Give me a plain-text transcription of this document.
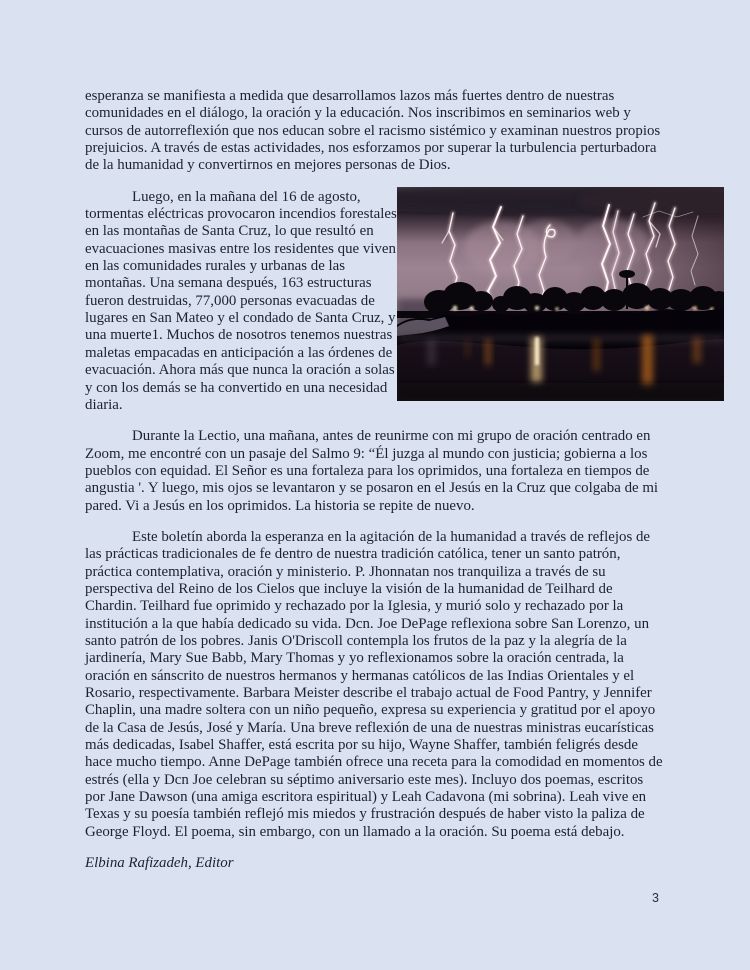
esperanza se manifiesta a medida que desarrollamos lazos más fuertes dentro de nuestras comunidades en el diálogo, la oración y la educación. Nos inscribimos en seminarios web y cursos de autorreflexión que nos educan sobre el racismo sistémico y examinan nuestros propios prejuicios. A través de estas actividades, nos esforzamos por superar la turbulencia perturbadora de la humanidad y convertirnos en mejores personas de Dios.

Luego, en la mañana del 16 de agosto, tormentas eléctricas provocaron incendios forestales en las montañas de Santa Cruz, lo que resultó en evacuaciones masivas entre los residentes que viven en las comunidades rurales y urbanas de las montañas. Una semana después, 163 estructuras fueron destruidas, 77,000 personas evacuadas de lugares en San Mateo y el condado de Santa Cruz, y una muerte1. Muchos de nosotros tenemos nuestras maletas empacadas en anticipación a las órdenes de evacuación. Ahora más que nunca la oración a solas y con los demás se ha convertido en una necesidad diaria.

Durante la Lectio, una mañana, antes de reunirme con mi grupo de oración centrado en Zoom, me encontré con un pasaje del Salmo 9: “Él juzga al mundo con justicia; gobierna a los pueblos con equidad. El Señor es una fortaleza para los oprimidos, una fortaleza en tiempos de angustia '. Y luego, mis ojos se levantaron y se posaron en el Jesús en la Cruz que colgaba de mi pared. Vi a Jesús en los oprimidos. La historia se repite de nuevo.

Este boletín aborda la esperanza en la agitación de la humanidad a través de reflejos de las prácticas tradicionales de fe dentro de nuestra tradición católica, tener un santo patrón, práctica contemplativa, oración y ministerio. P. Jhonnatan nos tranquiliza a través de su perspectiva del Reino de los Cielos que incluye la visión de la humanidad de Teilhard de Chardin. Teilhard fue oprimido y rechazado por la Iglesia, y murió solo y rechazado por la institución a la que había dedicado su vida. Dcn. Joe DePage reflexiona sobre San Lorenzo, un santo patrón de los pobres. Janis O'Driscoll contempla los frutos de la paz y la alegría de la jardinería, Mary Sue Babb, Mary Thomas y yo reflexionamos sobre la oración centrada, la oración en sánscrito de nuestros hermanos y hermanas católicos de las Indias Orientales y el Rosario, respectivamente. Barbara Meister describe el trabajo actual de Food Pantry, y Jennifer Chaplin, una madre soltera con un niño pequeño, expresa su experiencia y gratitud por el apoyo de la Casa de Jesús, José y María. Una breve reflexión de una de nuestras ministras eucarísticas más dedicadas, Isabel Shaffer, está escrita por su hijo, Wayne Shaffer, también feligrés desde hace mucho tiempo. Anne DePage también ofrece una receta para la comodidad en momentos de estrés (ella y Dcn Joe celebran su séptimo aniversario este mes). Incluyo dos poemas, escritos por Jane Dawson (una amiga escritora espiritual) y Leah Cadavona (mi sobrina). Leah vive en Texas y su poesía también reflejó mis miedos y frustración después de haber visto la paliza de George Floyd. El poema, sin embargo, con un llamado a la oración. Su poema está debajo.

Elbina Rafizadeh, Editor

3
